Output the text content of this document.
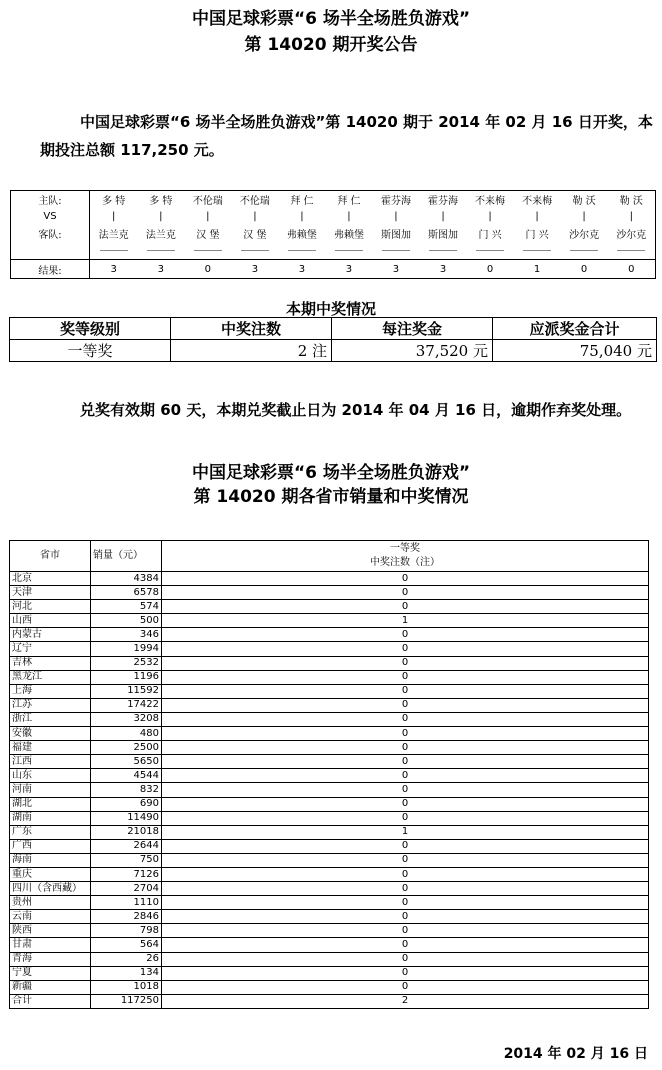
中国足球彩票“6 场半全场胜负游戏”
第 14020 期开奖公告
中国足球彩票“6 场半全场胜负游戏”第 14020 期于 2014 年 02 月 16 日开奖，本期投注总额 117,250 元。
主队:	多 特	多 特	不伦瑞	不伦瑞	拜 仁	拜 仁	霍芬海	霍芬海	不来梅	不来梅	勒 沃	勒 沃
VS	|	|	|	|	|	|	|	|	|	|	|	|

客队:	法兰克	法兰克	汉 堡	汉 堡	弗赖堡	弗赖堡	斯图加	斯图加	门 兴	门 兴	沙尔克	沙尔克

结果:	3	3	0	3	3	3	3	3	0	1	0	0
本期中奖情况
奖等级别	中奖注数	每注奖金	应派奖金合计
一等奖	2 注	37,520 元	75,040 元
兑奖有效期 60 天，本期兑奖截止日为 2014 年 04 月 16 日，逾期作弃奖处理。
中国足球彩票“6 场半全场胜负游戏”
第 14020 期各省市销量和中奖情况
省市	销量（元）	一等奖
中奖注数（注）

北京	4384	0
天津	6578	0
河北	574	0
山西	500	1
内蒙古	346	0
辽宁	1994	0
吉林	2532	0
黑龙江	1196	0
上海	11592	0
江苏	17422	0
浙江	3208	0
安徽	480	0
福建	2500	0
江西	5650	0
山东	4544	0
河南	832	0
湖北	690	0
湖南	11490	0
广东	21018	1
广西	2644	0
海南	750	0
重庆	7126	0
四川（含西藏）	2704	0
贵州	1110	0
云南	2846	0
陕西	798	0
甘肃	564	0
青海	26	0
宁夏	134	0
新疆	1018	0
合计	117250	2
2014 年 02 月 16 日
